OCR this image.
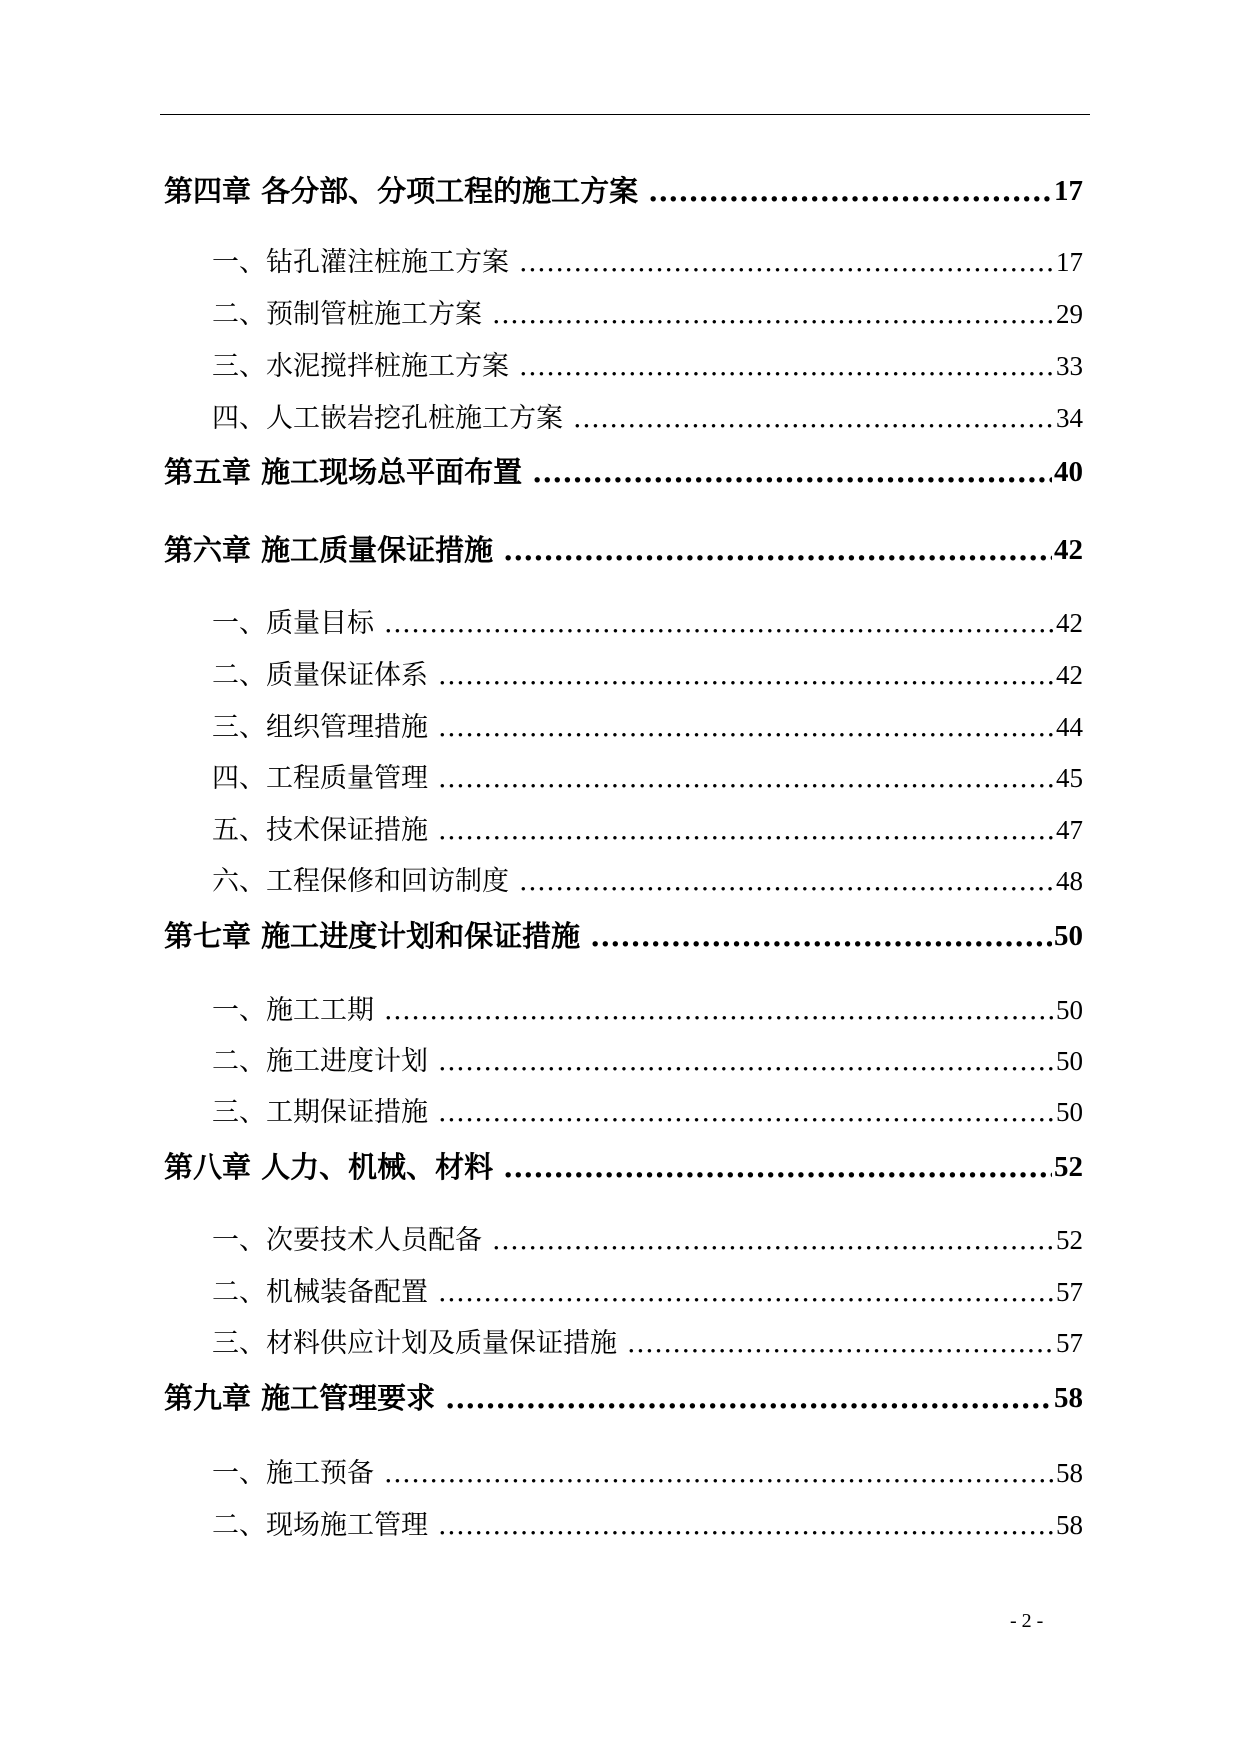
第四章 各分部、分项工程的施工方案 .....	17
一、钻孔灌注桩施工方案 .....	17
二、预制管桩施工方案 .....	29
三、水泥搅拌桩施工方案 .....	33
四、人工嵌岩挖孔桩施工方案 .....	34
第五章 施工现场总平面布置 .....	40
第六章 施工质量保证措施 .....	42
一、质量目标 .....	42
二、质量保证体系 .....	42
三、组织管理措施 .....	44
四、工程质量管理 .....	45
五、技术保证措施 .....	47
六、工程保修和回访制度 .....	48
第七章 施工进度计划和保证措施 .....	50
一、施工工期 .....	50
二、施工进度计划 .....	50
三、工期保证措施 .....	50
第八章 人力、机械、材料 .....	52
一、次要技术人员配备 .....	52
二、机械装备配置 .....	57
三、材料供应计划及质量保证措施 .....	57
第九章 施工管理要求 .....	58
一、施工预备 .....	58
二、现场施工管理 .....	58
- 2 -
